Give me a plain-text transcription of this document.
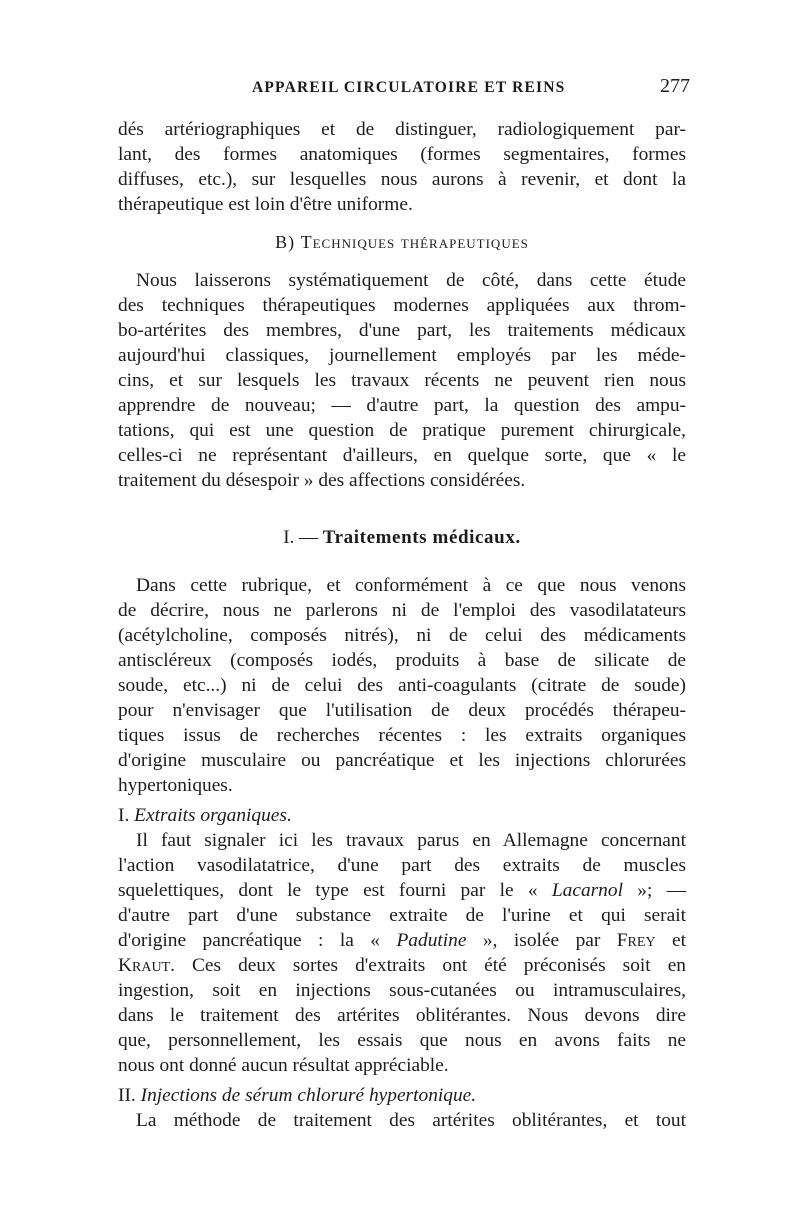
APPAREIL CIRCULATOIRE ET REINS	277
dés artériographiques et de distinguer, radiologiquement par-
lant, des formes anatomiques (formes segmentaires, formes
diffuses, etc.), sur lesquelles nous aurons à revenir, et dont la
thérapeutique est loin d'être uniforme.
B) Techniques thérapeutiques
Nous laisserons systématiquement de côté, dans cette étude
des techniques thérapeutiques modernes appliquées aux throm-
bo-artérites des membres, d'une part, les traitements médicaux
aujourd'hui classiques, journellement employés par les méde-
cins, et sur lesquels les travaux récents ne peuvent rien nous
apprendre de nouveau; — d'autre part, la question des ampu-
tations, qui est une question de pratique purement chirurgicale,
celles-ci ne représentant d'ailleurs, en quelque sorte, que « le
traitement du désespoir » des affections considérées.
I. — Traitements médicaux.
Dans cette rubrique, et conformément à ce que nous venons
de décrire, nous ne parlerons ni de l'emploi des vasodilatateurs
(acétylcholine, composés nitrés), ni de celui des médicaments
antiscléreux (composés iodés, produits à base de silicate de
soude, etc...) ni de celui des anti-coagulants (citrate de soude)
pour n'envisager que l'utilisation de deux procédés thérapeu-
tiques issus de recherches récentes : les extraits organiques
d'origine musculaire ou pancréatique et les injections chlorurées
hypertoniques.
I. Extraits organiques.
Il faut signaler ici les travaux parus en Allemagne concernant
l'action vasodilatatrice, d'une part des extraits de muscles
squelettiques, dont le type est fourni par le « Lacarnol »; —
d'autre part d'une substance extraite de l'urine et qui serait
d'origine pancréatique : la « Padutine », isolée par Frey et
Kraut. Ces deux sortes d'extraits ont été préconisés soit en
ingestion, soit en injections sous-cutanées ou intramusculaires,
dans le traitement des artérites oblitérantes. Nous devons dire
que, personnellement, les essais que nous en avons faits ne
nous ont donné aucun résultat appréciable.
II. Injections de sérum chloruré hypertonique.
La méthode de traitement des artérites oblitérantes, et tout
